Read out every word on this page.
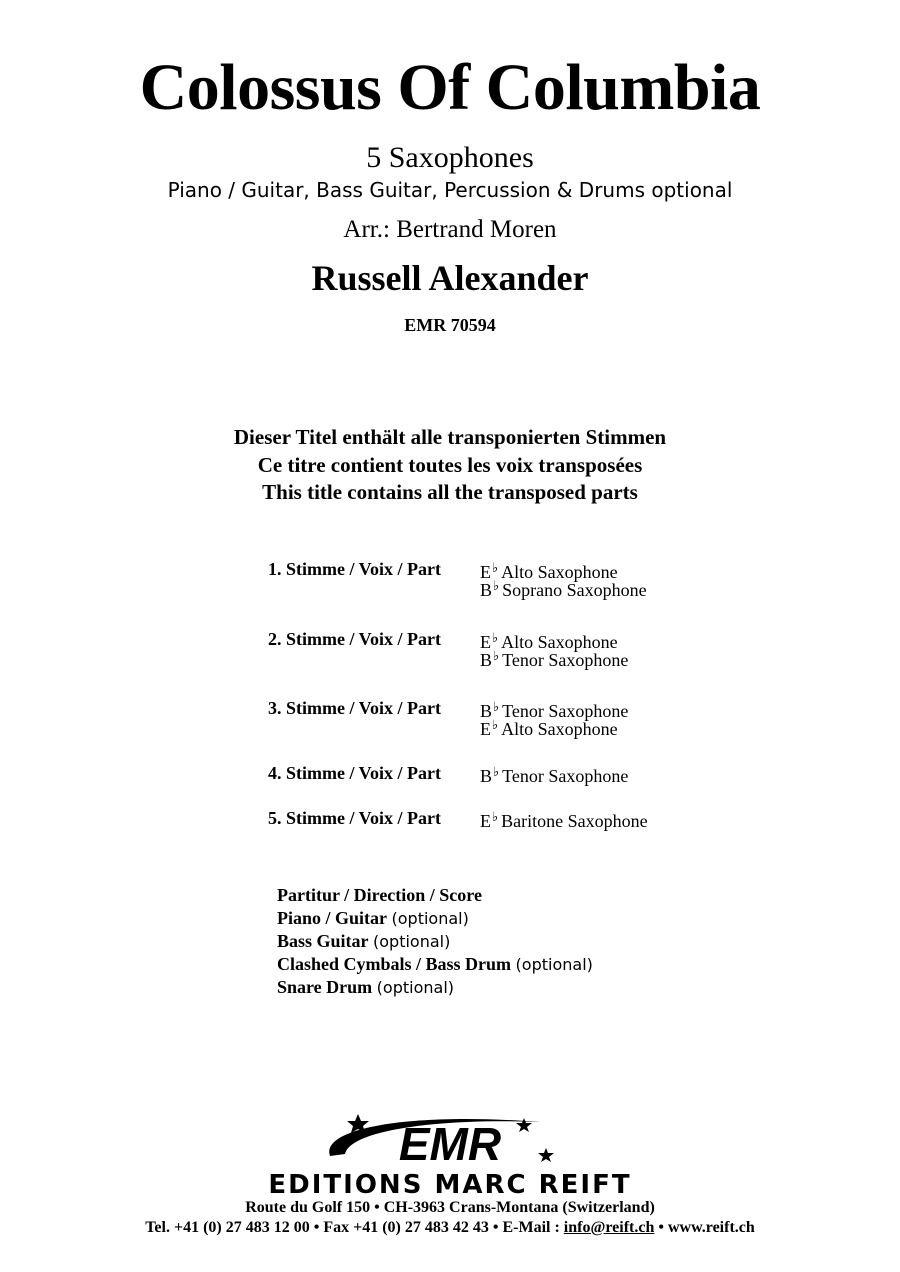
Colossus Of Columbia
5 Saxophones
Piano / Guitar, Bass Guitar, Percussion & Drums optional
Arr.: Bertrand Moren
Russell Alexander
EMR 70594
Dieser Titel enthält alle transponierten Stimmen
Ce titre contient toutes les voix transposées
This title contains all the transposed parts
1. Stimme / Voix / Part E♭ Alto Saxophone
B♭ Soprano Saxophone
2. Stimme / Voix / Part E♭ Alto Saxophone
B♭ Tenor Saxophone
3. Stimme / Voix / Part B♭ Tenor Saxophone
E♭ Alto Saxophone
4. Stimme / Voix / Part B♭ Tenor Saxophone
5. Stimme / Voix / Part E♭ Baritone Saxophone
Partitur / Direction / Score
Piano / Guitar (optional)
Bass Guitar (optional)
Clashed Cymbals / Bass Drum (optional)
Snare Drum (optional)
EMR
EDITIONS MARC REIFT
Route du Golf 150 • CH-3963 Crans-Montana (Switzerland)
Tel. +41 (0) 27 483 12 00 • Fax +41 (0) 27 483 42 43 • E-Mail : info@reift.ch • www.reift.ch
